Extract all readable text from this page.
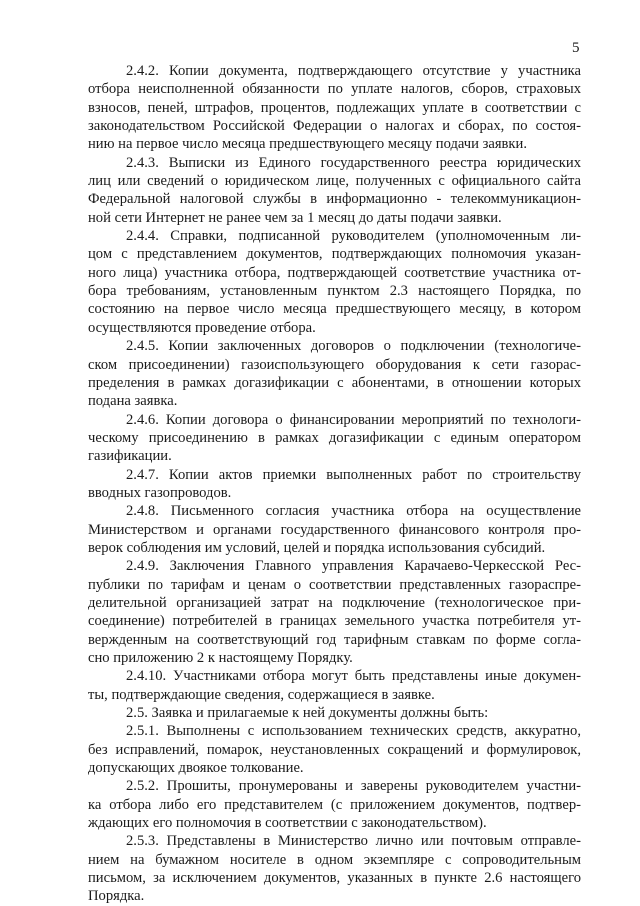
5
2.4.2. Копии документа, подтверждающего отсутствие у участника
отбора неисполненной обязанности по уплате налогов, сборов, страховых
взносов, пеней, штрафов, процентов, подлежащих уплате в соответствии с
законодательством Российской Федерации о налогах и сборах, по состоя-
нию на первое число месяца предшествующего месяцу подачи заявки.
2.4.3. Выписки из Единого государственного реестра юридических
лиц или сведений о юридическом лице, полученных с официального сайта
Федеральной налоговой службы в информационно - телекоммуникацион-
ной сети Интернет не ранее чем за 1 месяц до даты подачи заявки.
2.4.4. Справки, подписанной руководителем (уполномоченным ли-
цом с представлением документов, подтверждающих полномочия указан-
ного лица) участника отбора, подтверждающей соответствие участника от-
бора требованиям, установленным пунктом 2.3 настоящего Порядка, по
состоянию на первое число месяца предшествующего месяцу, в котором
осуществляются проведение отбора.
2.4.5. Копии заключенных договоров о подключении (технологиче-
ском присоединении) газоиспользующего оборудования к сети газорас-
пределения в рамках догазификации с абонентами, в отношении которых
подана заявка.
2.4.6. Копии договора о финансировании мероприятий по технологи-
ческому присоединению в рамках догазификации с единым оператором
газификации.
2.4.7. Копии актов приемки выполненных работ по строительству
вводных газопроводов.
2.4.8. Письменного согласия участника отбора на осуществление
Министерством и органами государственного финансового контроля про-
верок соблюдения им условий, целей и порядка использования субсидий.
2.4.9. Заключения Главного управления Карачаево-Черкесской Рес-
публики по тарифам и ценам о соответствии представленных газораспре-
делительной организацией затрат на подключение (технологическое при-
соединение) потребителей в границах земельного участка потребителя ут-
вержденным на соответствующий год тарифным ставкам по форме согла-
сно приложению 2 к настоящему Порядку.
2.4.10. Участниками отбора могут быть представлены иные докумен-
ты, подтверждающие сведения, содержащиеся в заявке.
2.5. Заявка и прилагаемые к ней документы должны быть:
2.5.1. Выполнены с использованием технических средств, аккуратно,
без исправлений, помарок, неустановленных сокращений и формулировок,
допускающих двоякое толкование.
2.5.2. Прошиты, пронумерованы и заверены руководителем участни-
ка отбора либо его представителем (с приложением документов, подтвер-
ждающих его полномочия в соответствии с законодательством).
2.5.3. Представлены в Министерство лично или почтовым отправле-
нием на бумажном носителе в одном экземпляре с сопроводительным
письмом, за исключением документов, указанных в пункте 2.6 настоящего
Порядка.
